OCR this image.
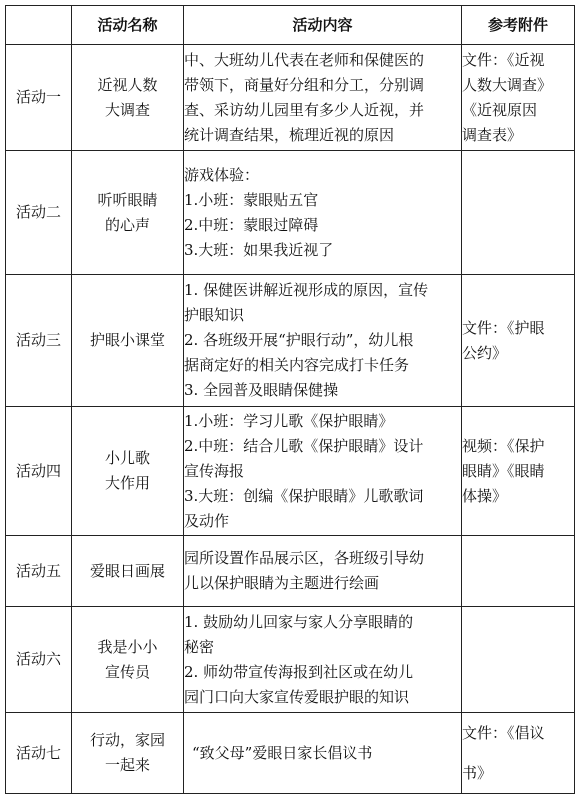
	活动名称	活动内容	参考附件
活动一	近视人数
大调查	中、大班幼儿代表在老师和保健医的
带领下，商量好分组和分工，分别调
查、采访幼儿园里有多少人近视，并
统计调查结果，梳理近视的原因	文件：《近视
人数大调查》
《近视原因
调查表》

活动二	听听眼睛
的心声	游戏体验：
1.小班：蒙眼贴五官
2.中班：蒙眼过障碍
3.大班：如果我近视了	

活动三	护眼小课堂	1. 保健医讲解近视形成的原因，宣传
护眼知识
2. 各班级开展“护眼行动”，幼儿根
据商定好的相关内容完成打卡任务
3. 全园普及眼睛保健操	文件：《护眼
公约》

活动四	小儿歌
大作用	1.小班：学习儿歌《保护眼睛》
2.中班：结合儿歌《保护眼睛》设计
宣传海报
3.大班：创编《保护眼睛》儿歌歌词
及动作	视频：《保护
眼睛》《眼睛
体操》

活动五	爱眼日画展	园所设置作品展示区，各班级引导幼
儿以保护眼睛为主题进行绘画	

活动六	我是小小
宣传员	1. 鼓励幼儿回家与家人分享眼睛的
秘密
2. 师幼带宣传海报到社区或在幼儿
园门口向大家宣传爱眼护眼的知识	

活动七	行动，家园
一起来	“致父母”爱眼日家长倡议书	文件：《倡议
书》
